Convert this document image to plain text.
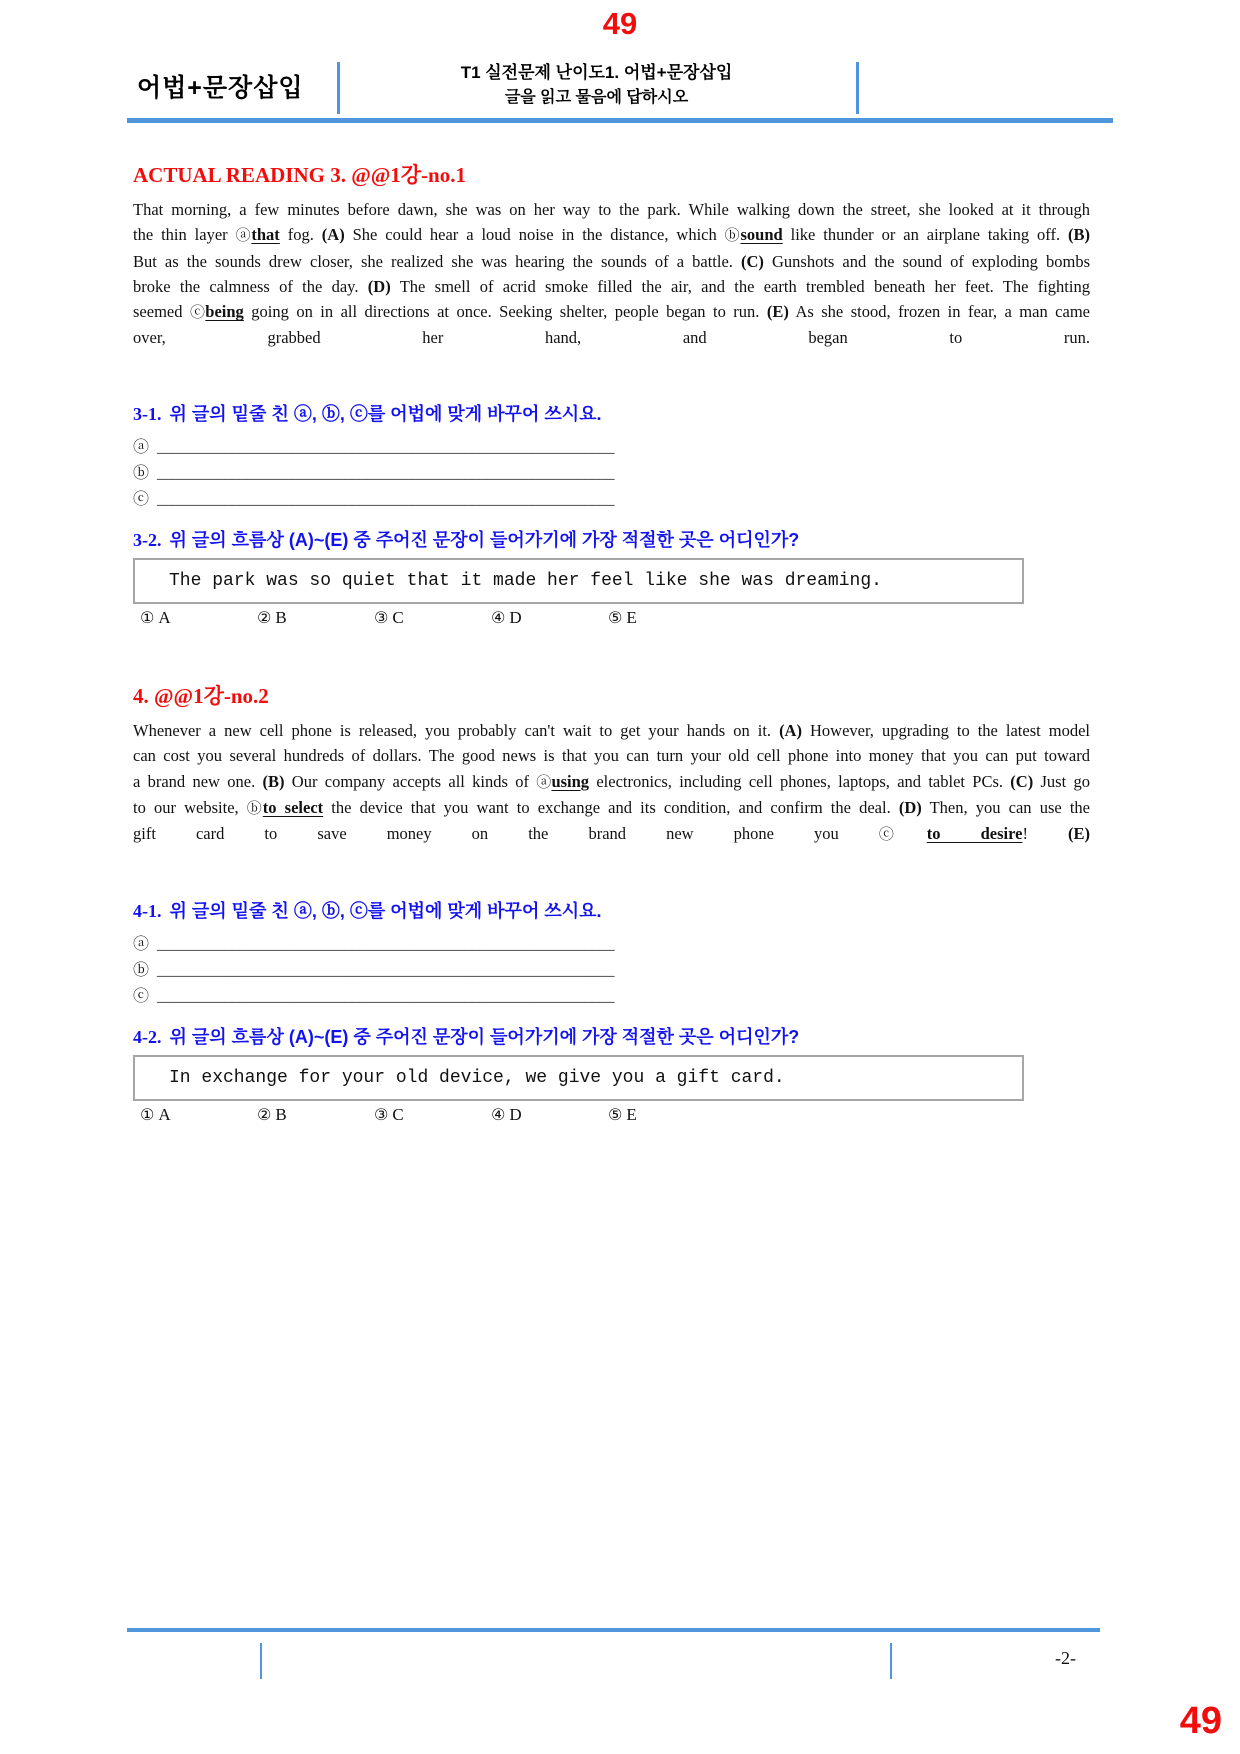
49
어법+문장삽입
T1 실전문제 난이도1. 어법+문장삽입
글을 읽고 물음에 답하시오
ACTUAL READING 3. @@1강-no.1

That morning, a few minutes before dawn, she was on her way to the park. While walking down the street, she looked at it through the thin layer ⓐthat fog. (A) She could hear a loud noise in the distance, which ⓑsound like thunder or an airplane taking off. (B) But as the sounds drew closer, she realized she was hearing the sounds of a battle. (C) Gunshots and the sound of exploding bombs broke the calmness of the day. (D) The smell of acrid smoke filled the air, and the earth trembled beneath her feet. The fighting seemed ⓒbeing going on in all directions at once. Seeking shelter, people began to run. (E) As she stood, frozen in fear, a man came over, grabbed her hand, and began to run.

3-1. 위 글의 밑줄 친 ⓐ, ⓑ, ⓒ를 어법에 맞게 바꾸어 쓰시요.
ⓐ _____________________________________________________________
ⓑ _____________________________________________________________
ⓒ _____________________________________________________________
3-2. 위 글의 흐름상 (A)~(E) 중 주어진 문장이 들어가기에 가장 적절한 곳은 어디인가?
The park was so quiet that it made her feel like she was dreaming.
① A	② B	③ C	④ D	⑤ E
4. @@1강-no.2

Whenever a new cell phone is released, you probably can't wait to get your hands on it. (A) However, upgrading to the latest model can cost you several hundreds of dollars. The good news is that you can turn your old cell phone into money that you can put toward a brand new one. (B) Our company accepts all kinds of ⓐusing electronics, including cell phones, laptops, and tablet PCs. (C) Just go to our website, ⓑto select the device that you want to exchange and its condition, and confirm the deal. (D) Then, you can use the gift card to save money on the brand new phone you ⓒto desire! (E)

4-1. 위 글의 밑줄 친 ⓐ, ⓑ, ⓒ를 어법에 맞게 바꾸어 쓰시요.
ⓐ _____________________________________________________________
ⓑ _____________________________________________________________
ⓒ _____________________________________________________________
4-2. 위 글의 흐름상 (A)~(E) 중 주어진 문장이 들어가기에 가장 적절한 곳은 어디인가?
In exchange for your old device, we give you a gift card.
① A	② B	③ C	④ D	⑤ E
-2-
49
